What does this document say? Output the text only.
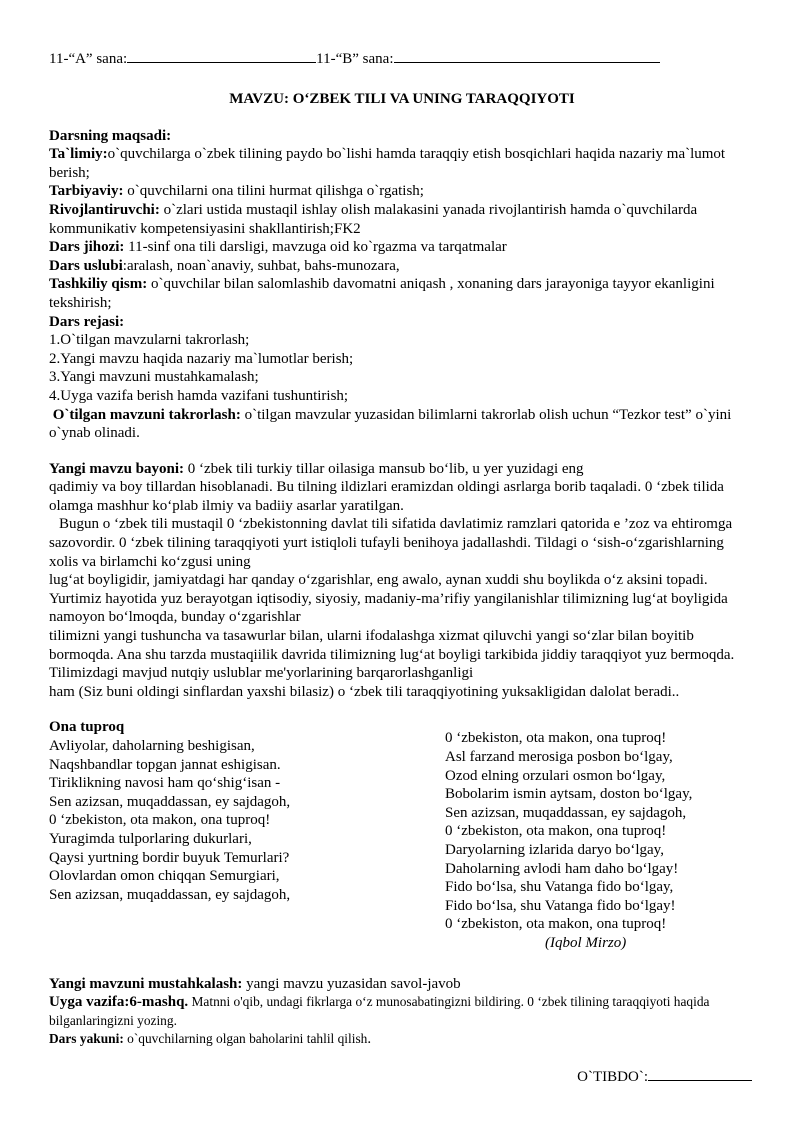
11-“A” sana:	11-“B” sana:
MAVZU: O‘ZBEK TILI VA UNING TARAQQIYOTI

Darsning maqsadi:

Ta`limiy:o`quvchilarga o`zbek tilining paydo bo`lishi hamda taraqqiy etish bosqichlari haqida nazariy ma`lumot berish;

Tarbiyaviy: o`quvchilarni ona tilini hurmat qilishga o`rgatish;

Rivojlantiruvchi: o`zlari ustida mustaqil ishlay olish malakasini yanada rivojlantirish hamda o`quvchilarda kommunikativ kompetensiyasini shakllantirish;FK2

Dars jihozi: 11-sinf ona tili darsligi, mavzuga oid ko`rgazma va tarqatmalar

Dars uslubi:aralash, noan`anaviy, suhbat, bahs-munozara,

Tashkiliy qism: o`quvchilar bilan salomlashib davomatni aniqash , xonaning dars jarayoniga tayyor ekanligini tekshirish;

Dars rejasi:

1.O`tilgan mavzularni takrorlash;

2.Yangi mavzu haqida nazariy ma`lumotlar berish;

3.Yangi mavzuni mustahkamalash;

4.Uyga vazifa berish hamda vazifani tushuntirish;

O`tilgan mavzuni takrorlash: o`tilgan mavzular yuzasidan bilimlarni takrorlab olish uchun “Tezkor test” o`yini o`ynab olinadi.

Yangi mavzu bayoni: 0 ‘zbek tili turkiy tillar oilasiga mansub bo‘lib, u yer yuzidagi eng

qadimiy va boy tillardan hisoblanadi. Bu tilning ildizlari eramizdan oldingi asrlarga borib taqaladi. 0 ‘zbek tilida olamga mashhur ko‘plab ilmiy va badiiy asarlar yaratilgan.

Bugun o ‘zbek tili mustaqil 0 ‘zbekistonning davlat tili sifatida davlatimiz ramzlari qatorida e ’zoz va ehtiromga sazovordir. 0 ‘zbek tilining taraqqiyoti yurt istiqloli tufayli benihoya jadallashdi. Tildagi o ‘sish-o‘zgarishlarning xolis va birlamchi ko‘zgusi uning

lug‘at boyligidir, jamiyatdagi har qanday o‘zgarishlar, eng awalo, aynan xuddi shu boylikda o‘z aksini topadi. Yurtimiz hayotida yuz berayotgan iqtisodiy, siyosiy, madaniy-ma’rifiy yangilanishlar tilimizning lug‘at boyligida namoyon bo‘lmoqda, bunday o‘zgarishlar

tilimizni yangi tushuncha va tasawurlar bilan, ularni ifodalashga xizmat qiluvchi yangi so‘zlar bilan boyitib bormoqda. Ana shu tarzda mustaqiilik davrida tilimizning lug‘at boyligi tarkibida jiddiy taraqqiyot yuz bermoqda. Tilimizdagi mavjud nutqiy uslublar me'yorlarining barqarorlashganligi

ham (Siz buni oldingi sinflardan yaxshi bilasiz) o ‘zbek tili taraqqiyotining yuksakligidan dalolat beradi..

Ona tuproq

Avliyolar, daholarning beshigisan,
Naqshbandlar topgan jannat eshigisan.
Tiriklikning navosi ham qo‘shig‘isan -
Sen azizsan, muqaddassan, ey sajdagoh,
0 ‘zbekiston, ota makon, ona tuproq!
Yuragimda tulporlaring dukurlari,
Qaysi yurtning bordir buyuk Temurlari?
Olovlardan omon chiqqan Semurgiari,
Sen azizsan, muqaddassan, ey sajdagoh,
0 ‘zbekiston, ota makon, ona tuproq!
Asl farzand merosiga posbon bo‘lgay,
Ozod elning orzulari osmon bo‘lgay,
Bobolarim ismin aytsam, doston bo‘lgay,
Sen azizsan, muqaddassan, ey sajdagoh,
0 ‘zbekiston, ota makon, ona tuproq!
Daryolarning izlarida daryo bo‘lgay,
Daholarning avlodi ham daho bo‘lgay!
Fido bo‘lsa, shu Vatanga fido bo‘lgay,
Fido bo‘lsa, shu Vatanga fido bo‘lgay!
0 ‘zbekiston, ota makon, ona tuproq!
(Iqbol Mirzo)

Yangi mavzuni mustahkalash: yangi mavzu yuzasidan savol-javob

Uyga vazifa:6-mashq. Matnni o'qib, undagi fikrlarga o‘z munosabatingizni bildiring. 0 ‘zbek tilining taraqqiyoti haqida bilganlaringizni yozing.

Dars yakuni: o`quvchilarning olgan baholarini tahlil qilish.

O`TIBDO`:
